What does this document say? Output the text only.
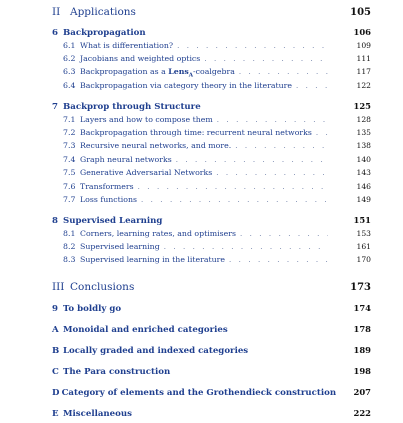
II Applications	105
6 Backpropagation	106
6.1 What is differentiation? . . .	109
6.2 Jacobians and weighted optics . . .	111
6.3 Backpropagation as a Lens$_A$-coalgebra . . .	117
6.4 Backpropagation via category theory in the literature . . .	122
7 Backprop through Structure	125
7.1 Layers and how to compose them . . .	128
7.2 Backpropagation through time: recurrent neural networks . . .	135
7.3 Recursive neural networks, and more. . . .	138
7.4 Graph neural networks . . .	140
7.5 Generative Adversarial Networks . . .	143
7.6 Transformers . . .	146
7.7 Loss functions . . .	149
8 Supervised Learning	151
8.1 Corners, learning rates, and optimisers . . .	153
8.2 Supervised learning . . .	161
8.3 Supervised learning in the literature . . .	170
III Conclusions	173
9 To boldly go	174
A Monoidal and enriched categories	178
B Locally graded and indexed categories	189
C The Para construction	198
D Category of elements and the Grothendieck construction	207
E Miscellaneous	222
